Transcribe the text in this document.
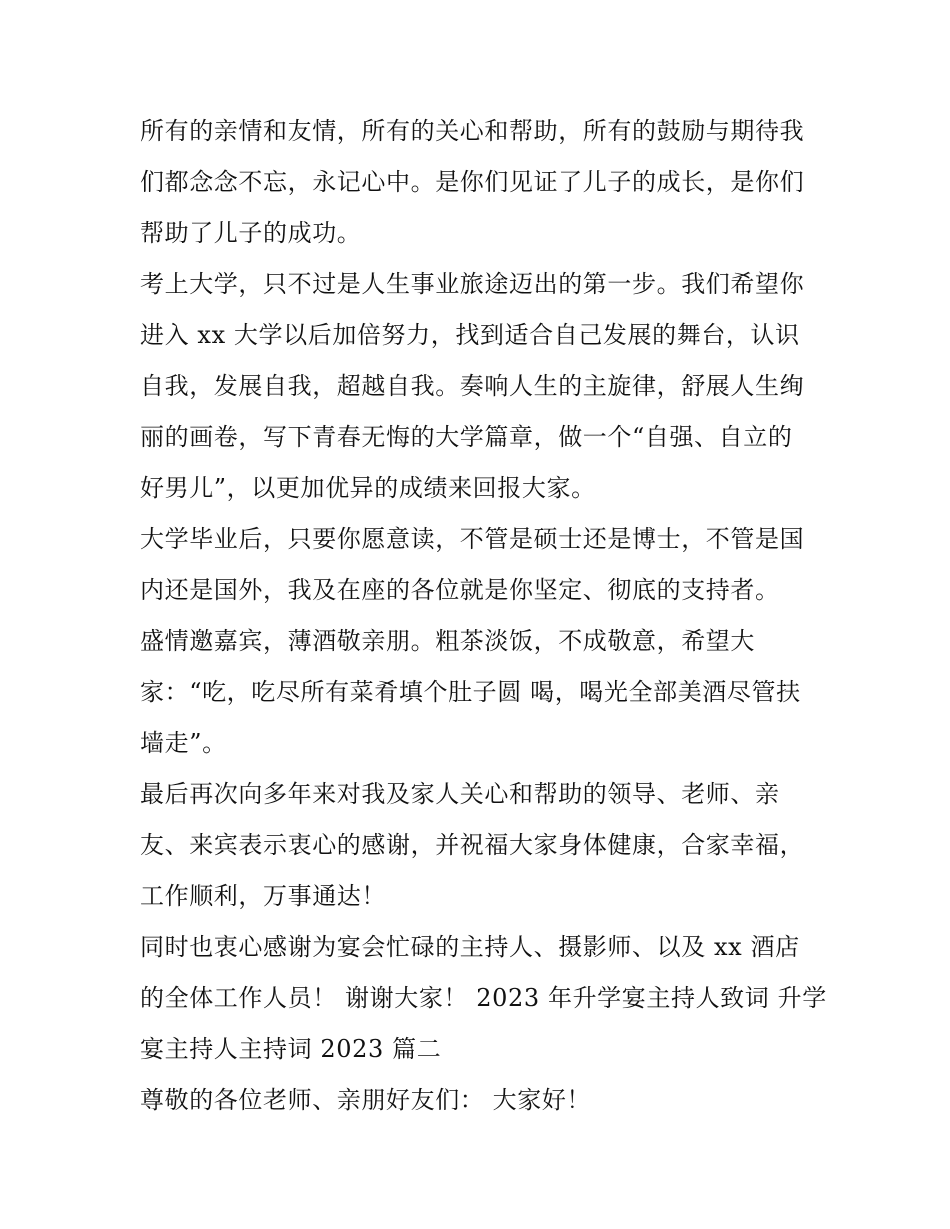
所有的亲情和友情，所有的关心和帮助，所有的鼓励与期待我
们都念念不忘，永记心中。是你们见证了儿子的成长，是你们
帮助了儿子的成功。
考上大学，只不过是人生事业旅途迈出的第一步。我们希望你
进入 xx 大学以后加倍努力，找到适合自己发展的舞台，认识
自我，发展自我，超越自我。奏响人生的主旋律，舒展人生绚
丽的画卷，写下青春无悔的大学篇章，做一个“自强、自立的
好男儿”，以更加优异的成绩来回报大家。
大学毕业后，只要你愿意读，不管是硕士还是博士，不管是国
内还是国外，我及在座的各位就是你坚定、彻底的支持者。
盛情邀嘉宾，薄酒敬亲朋。粗茶淡饭，不成敬意，希望大
家：“吃，吃尽所有菜肴填个肚子圆 喝，喝光全部美酒尽管扶
墙走”。
最后再次向多年来对我及家人关心和帮助的领导、老师、亲
友、来宾表示衷心的感谢，并祝福大家身体健康，合家幸福，
工作顺利，万事通达！
同时也衷心感谢为宴会忙碌的主持人、摄影师、以及 xx 酒店
的全体工作人员！ 谢谢大家！ 2023 年升学宴主持人致词 升学
宴主持人主持词 2023 篇二
尊敬的各位老师、亲朋好友们： 大家好！
